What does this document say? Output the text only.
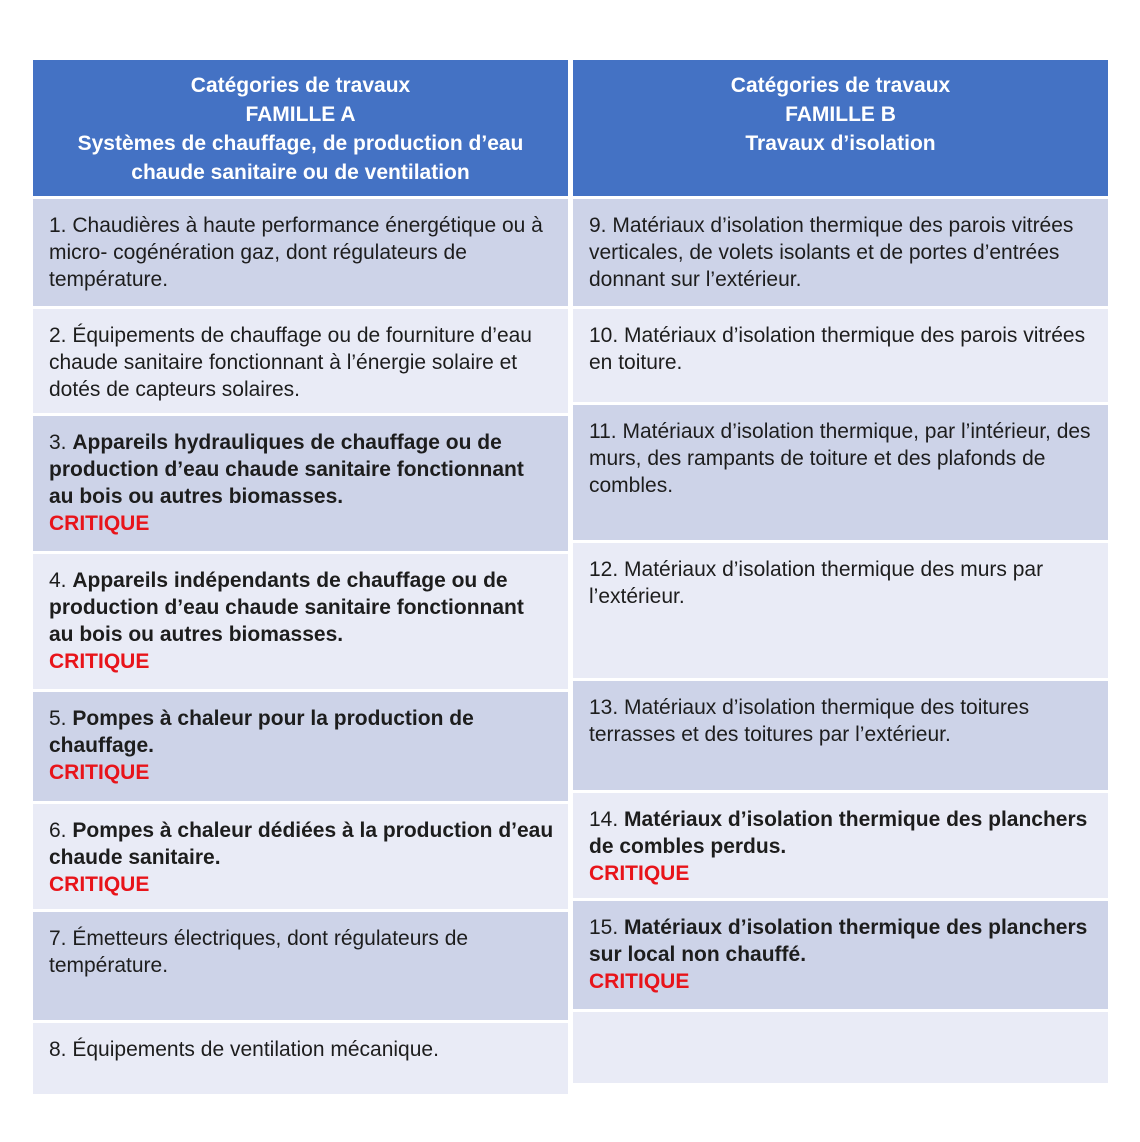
Catégories de travaux
FAMILLE A
Systèmes de chauffage, de production d’eau chaude sanitaire ou de ventilation
1. Chaudières à haute performance énergétique ou à micro- cogénération gaz, dont régulateurs de température.
2. Équipements de chauffage ou de fourniture d’eau chaude sanitaire fonctionnant à l’énergie solaire et dotés de capteurs solaires.
3. Appareils hydrauliques de chauffage ou de production d’eau chaude sanitaire fonctionnant au bois ou autres biomasses.
CRITIQUE
4. Appareils indépendants de chauffage ou de production d’eau chaude sanitaire fonctionnant au bois ou autres biomasses.
CRITIQUE
5. Pompes à chaleur pour la production de chauffage.
CRITIQUE
6. Pompes à chaleur dédiées à la production d’eau chaude sanitaire.
CRITIQUE
7. Émetteurs électriques, dont régulateurs de température.
8. Équipements de ventilation mécanique.
Catégories de travaux
FAMILLE B
Travaux d’isolation
9. Matériaux d’isolation thermique des parois vitrées verticales, de volets isolants et de portes d’entrées donnant sur l’extérieur.
10. Matériaux d’isolation thermique des parois vitrées en toiture.
11. Matériaux d’isolation thermique, par l’intérieur, des murs, des rampants de toiture et des plafonds de combles.
12. Matériaux d’isolation thermique des murs par l’extérieur.
13. Matériaux d’isolation thermique des toitures terrasses et des toitures par l’extérieur.
14. Matériaux d’isolation thermique des planchers de combles perdus.
CRITIQUE
15. Matériaux d’isolation thermique des planchers sur local non chauffé.
CRITIQUE
